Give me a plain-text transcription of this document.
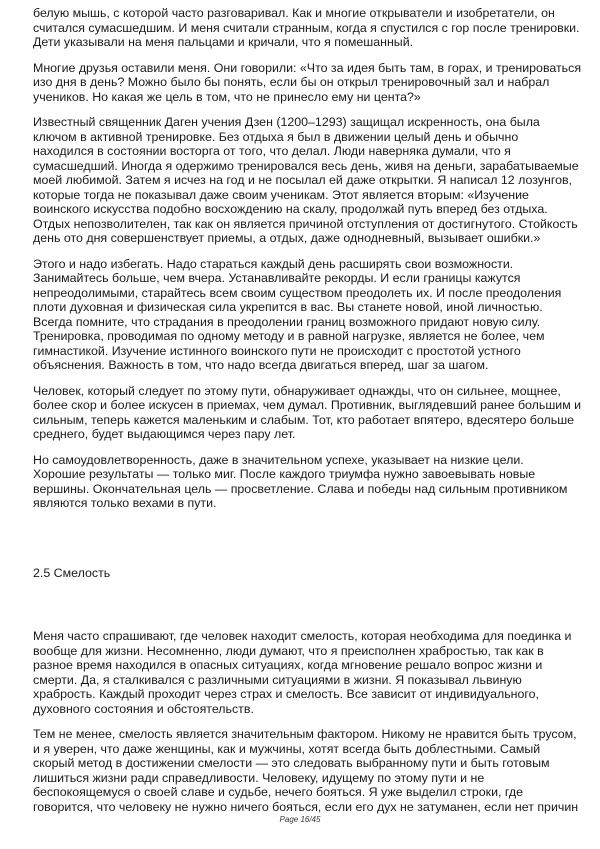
белую мышь, с которой часто разговаривал. Как и многие открыватели и изобретатели, он
считался сумасшедшим. И меня считали странным, когда я спустился с гор после тренировки.
Дети указывали на меня пальцами и кричали, что я помешанный.

Многие друзья оставили меня. Они говорили: «Что за идея быть там, в горах, и тренироваться
изо дня в день? Можно было бы понять, если бы он открыл тренировочный зал и набрал
учеников. Но какая же цель в том, что не принесло ему ни цента?»

Известный священник Даген учения Дзен (1200–1293) защищал искренность, она была
ключом в активной тренировке. Без отдыха я был в движении целый день и обычно
находился в состоянии восторга от того, что делал. Люди наверняка думали, что я
сумасшедший. Иногда я одержимо тренировался весь день, живя на деньги, зарабатываемые
моей любимой. Затем я исчез на год и не посылал ей даже открытки. Я написал 12 лозунгов,
которые тогда не показывал даже своим ученикам. Этот является вторым: «Изучение
воинского искусства подобно восхождению на скалу, продолжай путь вперед без отдыха.
Отдых непозволителен, так как он является причиной отступления от достигнутого. Стойкость
день ото дня совершенствует приемы, а отдых, даже однодневный, вызывает ошибки.»

Этого и надо избегать. Надо стараться каждый день расширять свои возможности.
Занимайтесь больше, чем вчера. Устанавливайте рекорды. И если границы кажутся
непреодолимыми, старайтесь всем своим существом преодолеть их. И после преодоления
плоти духовная и физическая сила укрепится в вас. Вы станете новой, иной личностью.
Всегда помните, что страдания в преодолении границ возможного придают новую силу.
Тренировка, проводимая по одному методу и в равной нагрузке, является не более, чем
гимнастикой. Изучение истинного воинского пути не происходит с простотой устного
объяснения. Важность в том, что надо всегда двигаться вперед, шаг за шагом.

Человек, который следует по этому пути, обнаруживает однажды, что он сильнее, мощнее,
более скор и более искусен в приемах, чем думал. Противник, выглядевший ранее большим и
сильным, теперь кажется маленьким и слабым. Тот, кто работает впятеро, вдесятеро больше
среднего, будет выдающимся через пару лет.

Но самоудовлетворенность, даже в значительном успехе, указывает на низкие цели.
Хорошие результаты — только миг. После каждого триумфа нужно завоевывать новые
вершины. Окончательная цель — просветление. Слава и победы над сильным противником
являются только вехами в пути.

2.5 Смелость

Меня часто спрашивают, где человек находит смелость, которая необходима для поединка и
вообще для жизни. Несомненно, люди думают, что я преисполнен храбростью, так как в
разное время находился в опасных ситуациях, когда мгновение решало вопрос жизни и
смерти. Да, я сталкивался с различными ситуациями в жизни. Я показывал львиную
храбрость. Каждый проходит через страх и смелость. Все зависит от индивидуального,
духовного состояния и обстоятельств.

Тем не менее, смелость является значительным фактором. Никому не нравится быть трусом,
и я уверен, что даже женщины, как и мужчины, хотят всегда быть доблестными. Самый
скорый метод в достижении смелости — это следовать выбранному пути и быть готовым
лишиться жизни ради справедливости. Человеку, идущему по этому пути и не
беспокоящемуся о своей славе и судьбе, нечего бояться. Я уже выделил строки, где
говорится, что человеку не нужно ничего бояться, если его дух не затуманен, если нет причин

Page 16/45
